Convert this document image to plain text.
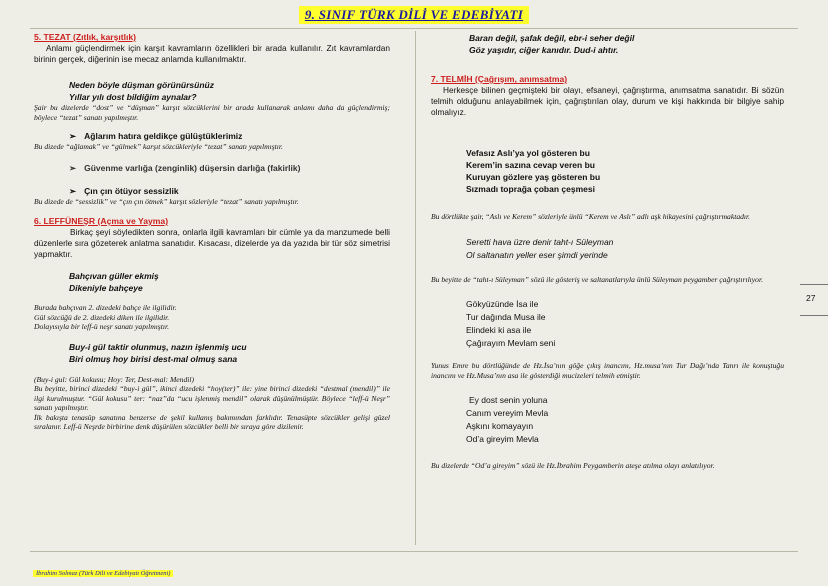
9. SINIF TÜRK DİLİ VE EDEBİYATI
5. TEZAT (Zıtlık, karşıtlık)

Anlamı güçlendirmek için karşıt kavramların özellikleri bir arada kullanılır. Zıt kavramlardan birinin gerçek, diğerinin ise mecaz anlamda kullanılmaktır.

Neden böyle düşman görünürsünüz
Yıllar yılı dost bildiğim aynalar?

Şair bu dizelerde “dost” ve “düşman” karşıt sözcüklerini bir arada kullanarak anlamı daha da güçlendirmiş; böylece “tezat” sanatı yapılmıştır.

➢ Ağlarım hatıra geldikçe gülüştüklerimiz

Bu dizede “ağlamak” ve “gülmek” karşıt sözcükleriyle “tezat” sanatı yapılmıştır.

➢ Güvenme varlığa (zenginlik) düşersin darlığa (fakirlik)
➢ Çın çın ötüyor sessizlik

Bu dizede de “sessizlik” ve “çın çın ötmek” karşıt sözleriyle “tezat” sanatı yapılmıştır.

6. LEFFÜNEŞR (Açma ve Yayma)

Birkaç şeyi söyledikten sonra, onlarla ilgili kavramları bir cümle ya da manzumede belli düzenlerle sıra gözeterek anlatma sanatıdır. Kısacası, dizelerde ya da yazıda bir tür söz simetrisi yapmaktır.

Bahçıvan güller ekmiş
Dikeniyle bahçeye

Burada bahçıvan 2. dizedeki bahçe ile ilgilidir.

Gül sözcüğü de 2. dizedeki diken ile ilgilidir.

Dolayısıyla bir leff-ü neşr sanatı yapılmıştır.

Buy-i gül taktir olunmuş, nazın işlenmiş ucu
Biri olmuş hoy birisi dest-mal olmuş sana

(Buy-i gul: Gül kokusu; Hoy: Ter, Dest-mal: Mendil)

Bu beyitte, birinci dizedeki “buy-i gül”, ikinci dizedeki “hoy(ter)” ile: yine birinci dizedeki “destmal (mendil)” ile ilgi kurulmuştur. “Gül kokusu” ter: “naz”da “ucu işlenmiş mendil” olarak düşünülmüştür. Böylece “leff-ü Neşr” sanatı yapılmıştır.

İlk bakışta tenasüp sanatına benzerse de şekil kullanış bakımından farklıdır. Tenasüpte sözcükler gelişi güzel sıralanır. Leff-ü Neşrde birbirine denk düşürülen sözcükler belli bir sıraya göre dizilenir.

Baran değil, şafak değil, ebr-i seher değil
Göz yaşıdır, ciğer kanıdır. Dud-i ahtır.
7. TELMİH (Çağrışım, anımsatma)

Herkesçe bilinen geçmişteki bir olayı, efsaneyi, çağrıştırma, anımsatma sanatıdır. Bi sözün telmih olduğunu anlayabilmek için, çağrıştırılan olay, durum ve kişi hakkında bir bilgiye sahip olmalıyız.

Vefasız Aslı’ya yol gösteren bu
Kerem’in sazına cevap veren bu
Kuruyan gözlere yaş gösteren bu
Sızmadı toprağa çoban çeşmesi

Bu dörtlükte şair, “Aslı ve Kerem” sözleriyle ünlü “Kerem ve Aslı” adlı aşk hikayesini çağrıştırmaktadır.

Seretti hava üzre denir taht-ı Süleyman
Ol saltanatın yeller eser şimdi yerinde

Bu beyitte de “taht-ı Süleyman” sözü ile gösteriş ve saltanatlarıyla ünlü Süleyman peygamber çağrıştırılıyor.

Gökyüzünde İsa ile
Tur dağında Musa ile
Elindeki ki asa ile
Çağırayım Mevlam seni

Yunus Emre bu dörtlüğünde de Hz.İsa’nın göğe çıkış inancını, Hz.musa’nın Tur Dağı’nda Tanrı ile konuştuğu inancını ve Hz.Musa’nın asa ile gösterdiği mucizeleri telmih etmiştir.

Ey dost senin yoluna
Canım vereyim Mevla
Aşkını komayayın
Od’a gireyim Mevla

Bu dizelerde “Od’a gireyim” sözü ile Hz.İbrahim Peygamberin ateşe atılma olayı anlatılıyor.

27
İbrahim Solmaz (Türk Dili ve Edebiyatı Öğretmeni)
